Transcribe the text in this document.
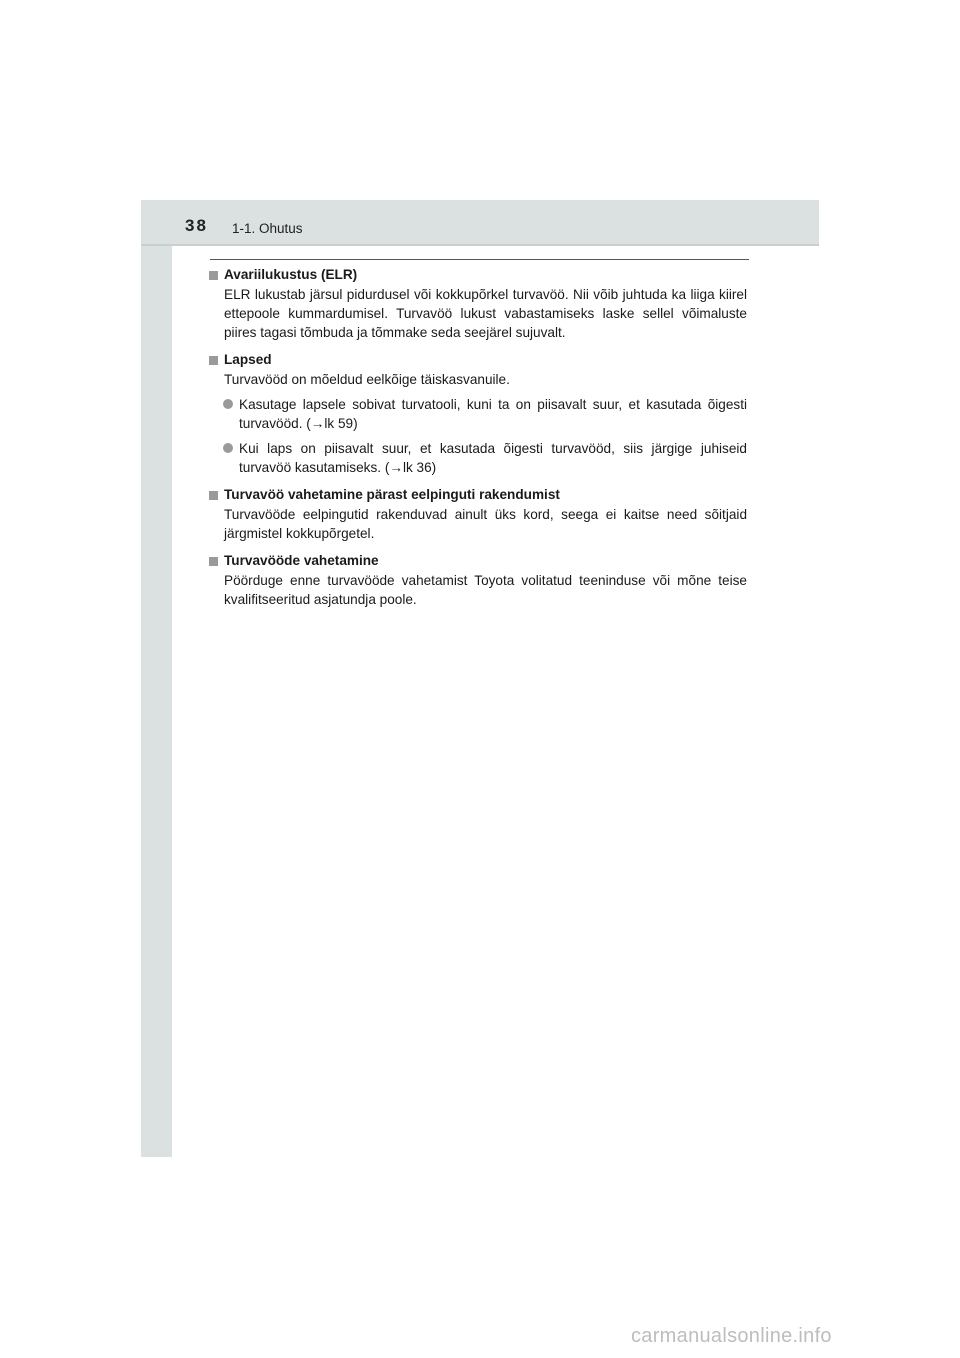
38 1-1. Ohutus
Avariilukustus (ELR)
ELR lukustab järsul pidurdusel või kokkupõrkel turvavöö. Nii võib juhtuda ka liiga kiirel ettepoole kummardumisel. Turvavöö lukust vabastamiseks laske sellel võimaluste piires tagasi tõmbuda ja tõmmake seda seejärel sujuvalt.
Lapsed
Turvavööd on mõeldud eelkõige täiskasvanuile.
Kasutage lapsele sobivat turvatooli, kuni ta on piisavalt suur, et kasutada õigesti turvavööd. (→lk 59)
Kui laps on piisavalt suur, et kasutada õigesti turvavööd, siis järgige juhiseid turvavöö kasutamiseks. (→lk 36)
Turvavöö vahetamine pärast eelpinguti rakendumist
Turvavööde eelpingutid rakenduvad ainult üks kord, seega ei kaitse need sõitjaid järgmistel kokkupõrgetel.
Turvavööde vahetamine
Pöörduge enne turvavööde vahetamist Toyota volitatud teeninduse või mõne teise kvalifitseeritud asjatundja poole.
carmanualsonline.info
